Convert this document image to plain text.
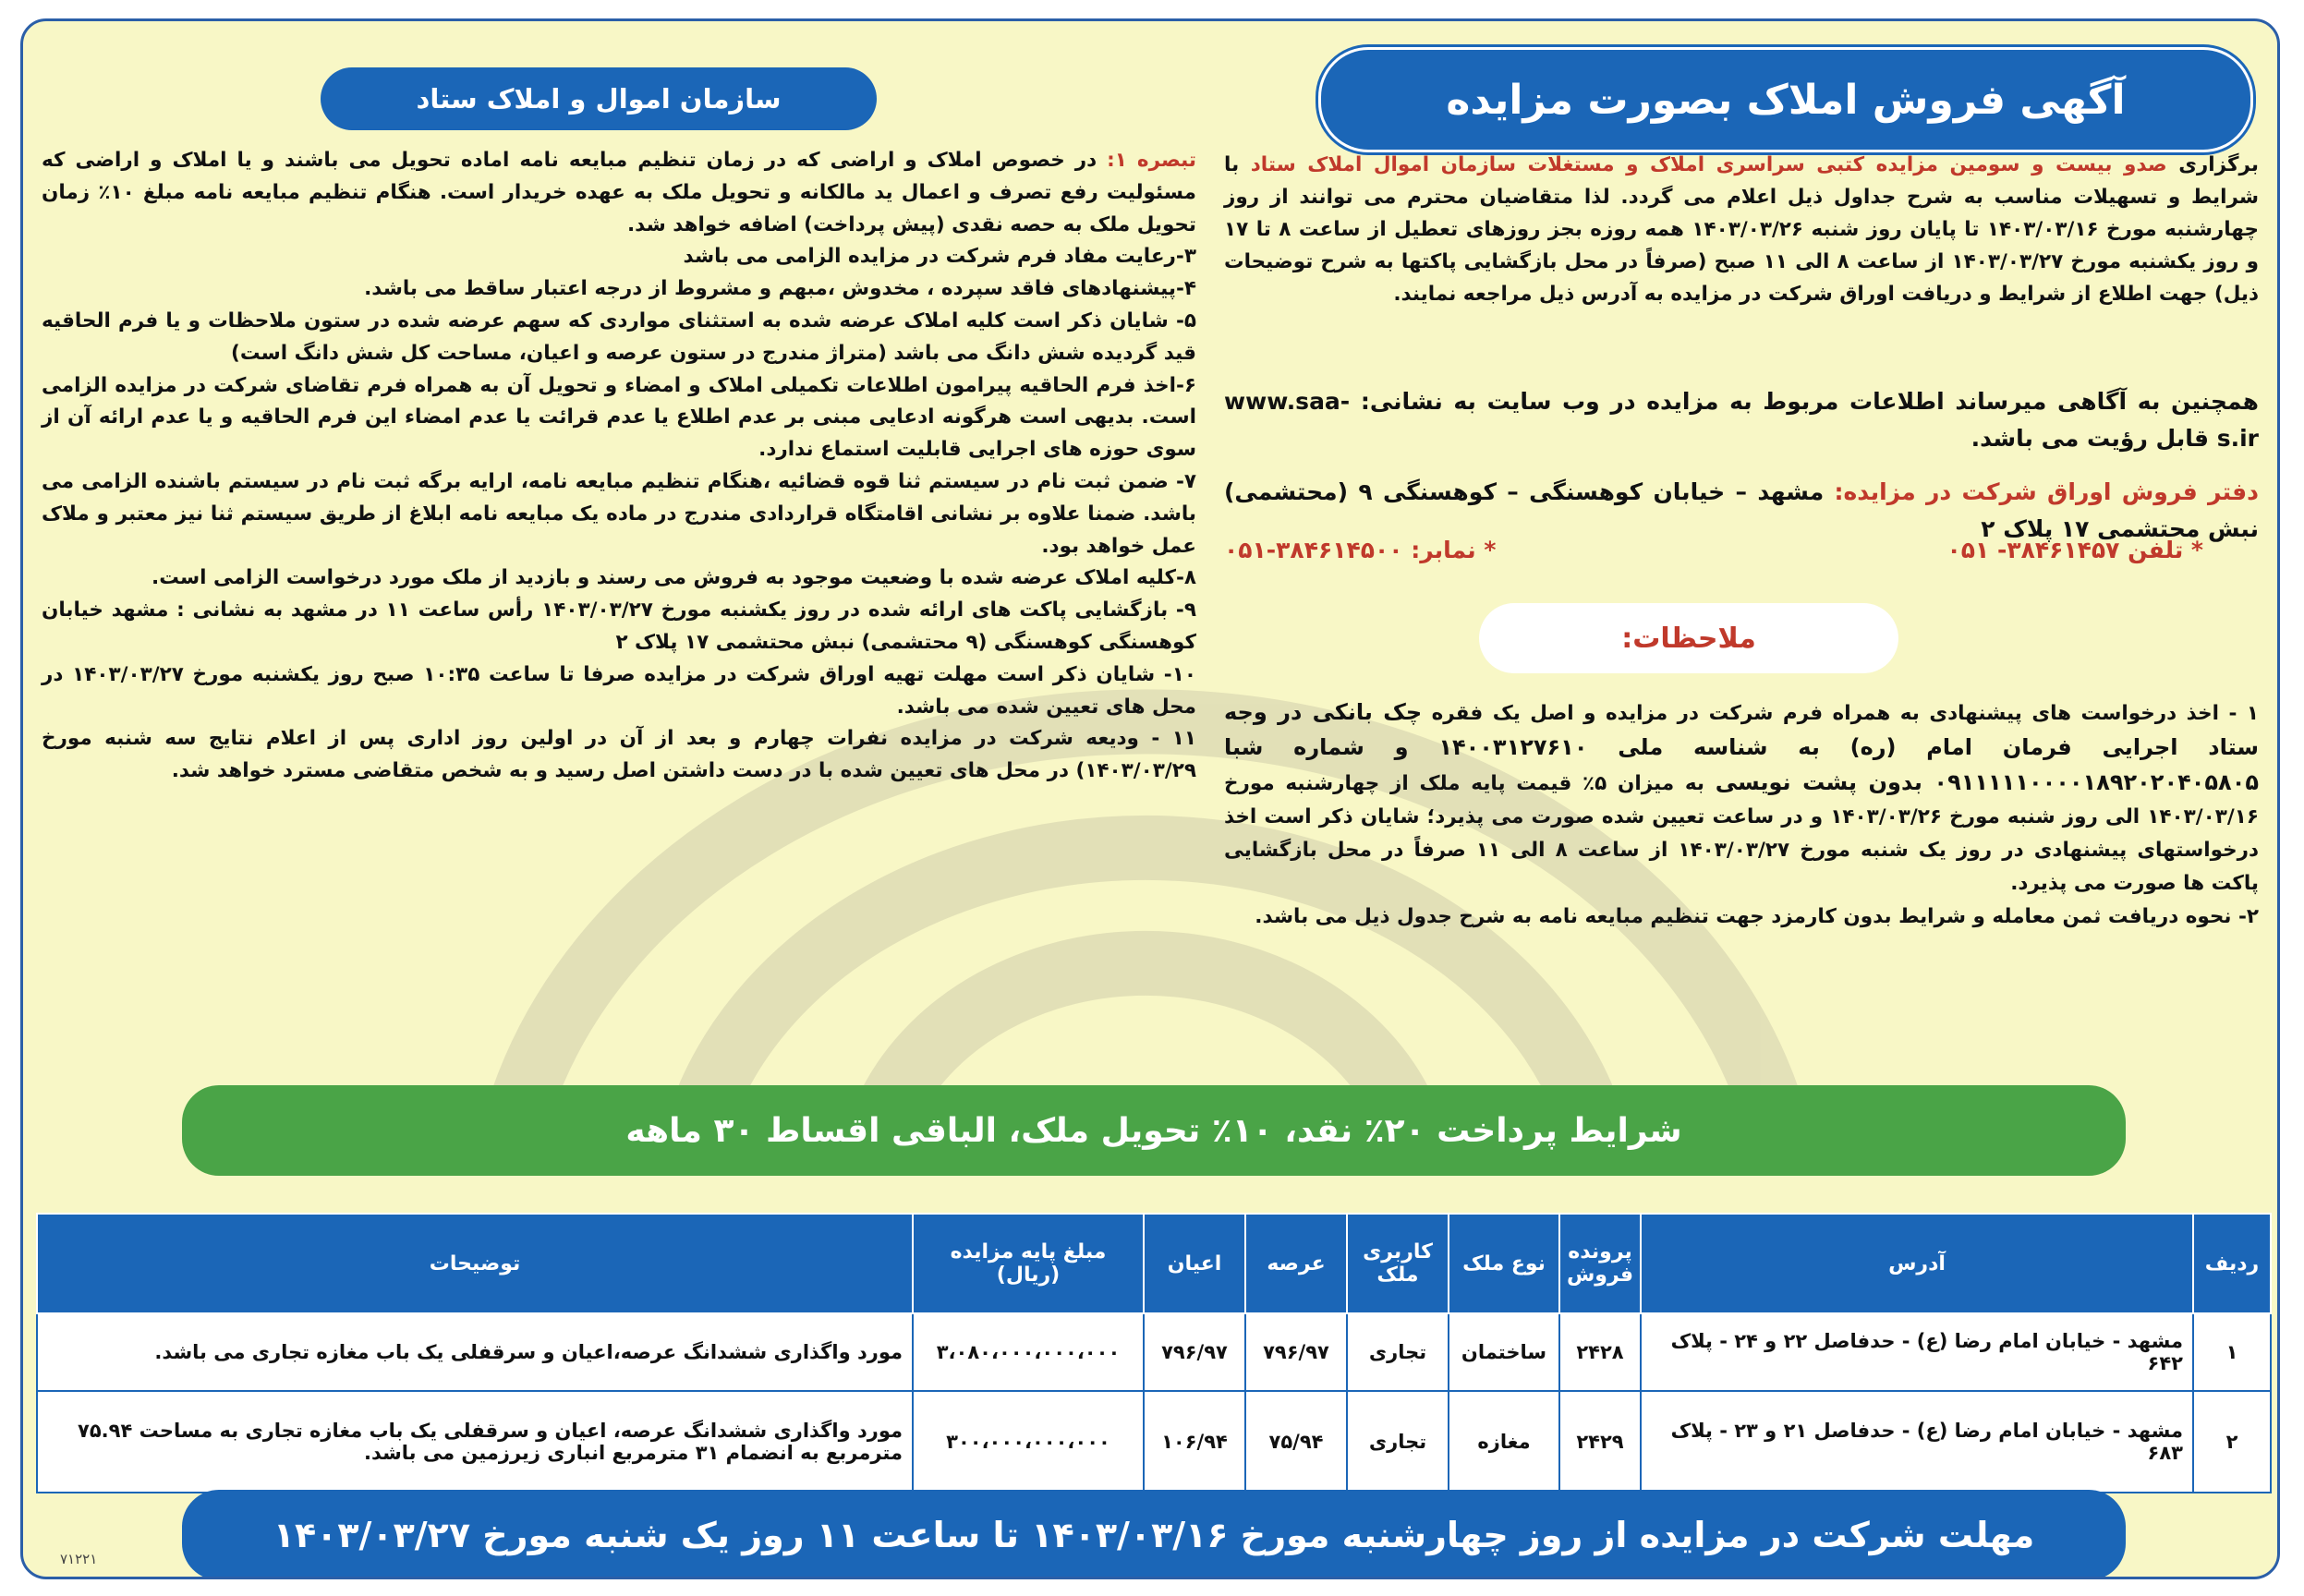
آگهی فروش املاک بصورت مزایده
سازمان اموال و املاک ستاد
برگزاری صدو بیست و سومین مزایده کتبی سراسری املاک و مستغلات سازمان اموال املاک ستاد با شرایط و تسهیلات مناسب به شرح جداول ذیل اعلام می گردد. لذا متقاضیان محترم می توانند از روز چهارشنبه مورخ ۱۴۰۳/۰۳/۱۶ تا پایان روز شنبه ۱۴۰۳/۰۳/۲۶ همه روزه بجز روزهای تعطیل از ساعت ۸ تا ۱۷ و روز یکشنبه مورخ ۱۴۰۳/۰۳/۲۷ از ساعت ۸ الی ۱۱ صبح (صرفاً در محل بازگشایی پاکتها به شرح توضیحات ذیل) جهت اطلاع از شرایط و دریافت اوراق شرکت در مزایده به آدرس ذیل مراجعه نمایند.
همچنین به آگاهی میرساند اطلاعات مربوط به مزایده در وب سایت به نشانی: www.saa-s.ir قابل رؤیت می باشد.
دفتر فروش اوراق شرکت در مزایده: مشهد – خیابان کوهسنگی – کوهسنگی ۹ (محتشمی) نبش محتشمی ۱۷ پلاک ۲
* تلفن ۳۸۴۶۱۴۵۷- ۰۵۱
* نمابر: ۳۸۴۶۱۴۵۰۰-۰۵۱
ملاحظات:

۱ - اخذ درخواست های پیشنهادی به همراه فرم شرکت در مزایده و اصل یک فقره چک بانکی در وجه ستاد اجرایی فرمان امام (ره) به شناسه ملی ۱۴۰۰۳۱۲۷۶۱۰ و شماره شبا ۰۹۱۱۱۱۱۰۰۰۰۱۸۹۲۰۲۰۴۰۵۸۰۵ بدون پشت نویسی به میزان ۵٪ قیمت پایه ملک از چهارشنبه مورخ ۱۴۰۳/۰۳/۱۶ الی روز شنبه مورخ ۱۴۰۳/۰۳/۲۶ و در ساعت تعیین شده صورت می پذیرد؛ شایان ذکر است اخذ درخواستهای پیشنهادی در روز یک شنبه مورخ ۱۴۰۳/۰۳/۲۷ از ساعت ۸ الی ۱۱ صرفاً در محل بازگشایی پاکت ها صورت می پذیرد.

۲- نحوه دریافت ثمن معامله و شرایط بدون کارمزد جهت تنظیم مبایعه نامه به شرح جدول ذیل می باشد.

تبصره ۱: در خصوص املاک و اراضی که در زمان تنظیم مبایعه نامه اماده تحویل می باشند و یا املاک و اراضی که مسئولیت رفع تصرف و اعمال ید مالکانه و تحویل ملک به عهده خریدار است. هنگام تنظیم مبایعه نامه مبلغ ۱۰٪ زمان تحویل ملک به حصه نقدی (پیش پرداخت) اضافه خواهد شد.

۳-رعایت مفاد فرم شرکت در مزایده الزامی می باشد

۴-پیشنهادهای فاقد سپرده ، مخدوش ،مبهم و مشروط از درجه اعتبار ساقط می باشد.

۵- شایان ذکر است کلیه املاک عرضه شده به استثنای مواردی که سهم عرضه شده در ستون ملاحظات و یا فرم الحاقیه قید گردیده شش دانگ می باشد (متراژ مندرج در ستون عرصه و اعیان، مساحت کل شش دانگ است)

۶-اخذ فرم الحاقیه پیرامون اطلاعات تکمیلی املاک و امضاء و تحویل آن به همراه فرم تقاضای شرکت در مزایده الزامی است. بدیهی است هرگونه ادعایی مبنی بر عدم اطلاع یا عدم قرائت یا عدم امضاء این فرم الحاقیه و یا عدم ارائه آن از سوی حوزه های اجرایی قابلیت استماع ندارد.

۷- ضمن ثبت نام در سیستم ثنا قوه قضائیه ،هنگام تنظیم مبایعه نامه، ارایه برگه ثبت نام در سیستم باشنده الزامی می باشد. ضمنا علاوه بر نشانی اقامتگاه قراردادی مندرج در ماده یک مبایعه نامه ابلاغ از طریق سیستم ثنا نیز معتبر و ملاک عمل خواهد بود.

۸-کلیه املاک عرضه شده با وضعیت موجود به فروش می رسند و بازدید از ملک مورد درخواست الزامی است.

۹- بازگشایی پاکت های ارائه شده در روز یکشنبه مورخ ۱۴۰۳/۰۳/۲۷ رأس ساعت ۱۱ در مشهد به نشانی : مشهد خیابان کوهسنگی کوهسنگی (۹ محتشمی) نبش محتشمی ۱۷ پلاک ۲

۱۰- شایان ذکر است مهلت تهیه اوراق شرکت در مزایده صرفا تا ساعت ۱۰:۳۵ صبح روز یکشنبه مورخ ۱۴۰۳/۰۳/۲۷ در محل های تعیین شده می باشد.

۱۱ - ودیعه شرکت در مزایده نفرات چهارم و بعد از آن در اولین روز اداری پس از اعلام نتایج سه شنبه مورخ ۱۴۰۳/۰۳/۲۹) در محل های تعیین شده با در دست داشتن اصل رسید و به شخص متقاضی مسترد خواهد شد.

شرایط پرداخت ۲۰٪ نقد، ۱۰٪ تحویل ملک، الباقی اقساط ۳۰ ماهه
ردیف	آدرس	پرونده فروش	نوع ملک	کاربری ملک	عرصه	اعیان	مبلغ پایه مزایده (ریال)	توضیحات
۱	مشهد - خیابان امام رضا (ع) - حدفاصل ۲۲ و ۲۴ - پلاک ۶۴۲	۲۴۲۸	ساختمان	تجاری	۷۹۶/۹۷	۷۹۶/۹۷	۳،۰۸۰،۰۰۰،۰۰۰،۰۰۰	مورد واگذاری ششدانگ عرصه،اعیان و سرقفلی یک باب مغازه تجاری می باشد.
۲	مشهد - خیابان امام رضا (ع) - حدفاصل ۲۱ و ۲۳ - پلاک ۶۸۳	۲۴۲۹	مغازه	تجاری	۷۵/۹۴	۱۰۶/۹۴	۳۰۰،۰۰۰،۰۰۰،۰۰۰	مورد واگذاری ششدانگ عرصه، اعیان و سرقفلی یک باب مغازه تجاری به مساحت ۷۵.۹۴ مترمربع به انضمام ۳۱ مترمربع انباری زیرزمین می باشد.
مهلت شرکت در مزایده از روز چهارشنبه مورخ ۱۴۰۳/۰۳/۱۶ تا ساعت ۱۱ روز یک شنبه مورخ ۱۴۰۳/۰۳/۲۷
۷۱۲۲۱
